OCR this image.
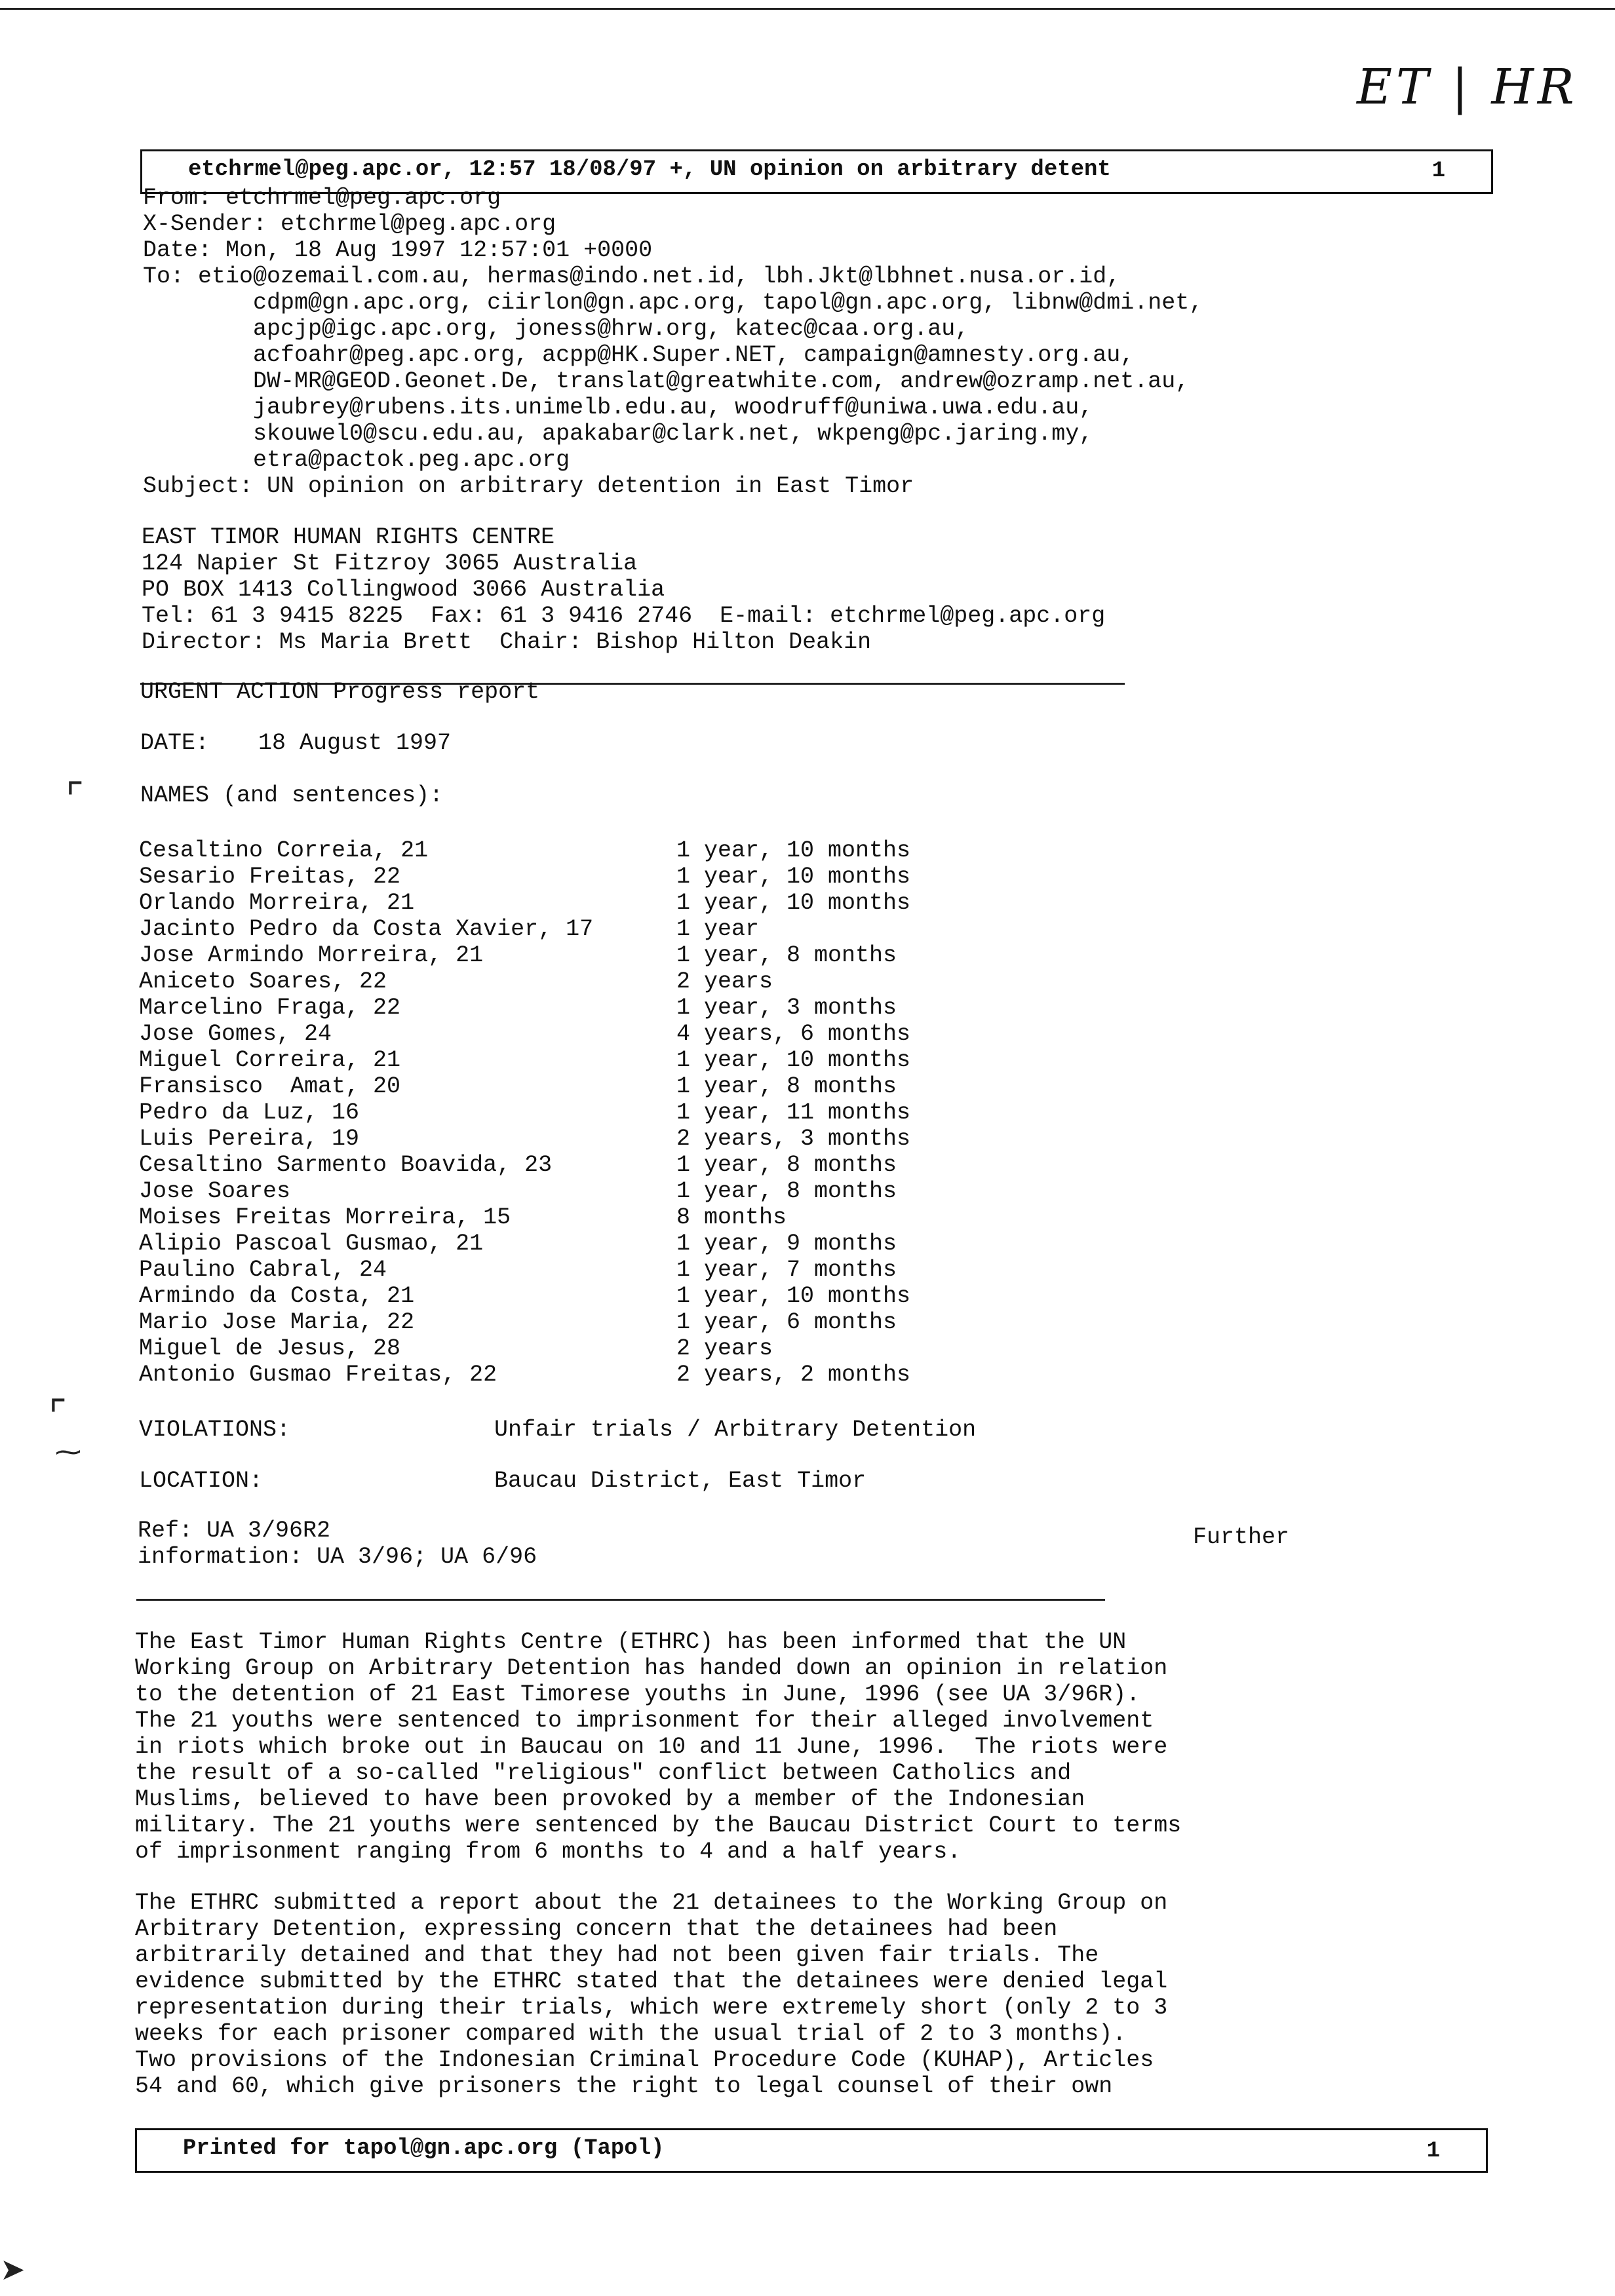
ET | HR
etchrmel@peg.apc.or, 12:57 18/08/97 +, UN opinion on arbitrary detent	1
From: etchrmel@peg.apc.org
X-Sender: etchrmel@peg.apc.org
Date: Mon, 18 Aug 1997 12:57:01 +0000
To: etio@ozemail.com.au, hermas@indo.net.id, lbh.Jkt@lbhnet.nusa.or.id,
cdpm@gn.apc.org, ciirlon@gn.apc.org, tapol@gn.apc.org, libnw@dmi.net,
apcjp@igc.apc.org, joness@hrw.org, katec@caa.org.au,
acfoahr@peg.apc.org, acpp@HK.Super.NET, campaign@amnesty.org.au,
DW-MR@GEOD.Geonet.De, translat@greatwhite.com, andrew@ozramp.net.au,
jaubrey@rubens.its.unimelb.edu.au, woodruff@uniwa.uwa.edu.au,
skouwel0@scu.edu.au, apakabar@clark.net, wkpeng@pc.jaring.my,
etra@pactok.peg.apc.org
Subject: UN opinion on arbitrary detention in East Timor
EAST TIMOR HUMAN RIGHTS CENTRE
124 Napier St Fitzroy 3065 Australia
PO BOX 1413 Collingwood 3066 Australia
Tel: 61 3 9415 8225  Fax: 61 3 9416 2746  E-mail: etchrmel@peg.apc.org
Director: Ms Maria Brett  Chair: Bishop Hilton Deakin
URGENT ACTION Progress report
DATE: 18 August 1997
⌜ NAMES (and sentences):
Cesaltino Correia, 21	1 year, 10 months
Sesario Freitas, 22	1 year, 10 months
Orlando Morreira, 21	1 year, 10 months
Jacinto Pedro da Costa Xavier, 17	1 year
Jose Armindo Morreira, 21	1 year, 8 months
Aniceto Soares, 22	2 years
Marcelino Fraga, 22	1 year, 3 months
Jose Gomes, 24	4 years, 6 months
Miguel Correira, 21	1 year, 10 months
Fransisco  Amat, 20	1 year, 8 months
Pedro da Luz, 16	1 year, 11 months
Luis Pereira, 19	2 years, 3 months
Cesaltino Sarmento Boavida, 23	1 year, 8 months
Jose Soares	1 year, 8 months
Moises Freitas Morreira, 15	8 months
Alipio Pascoal Gusmao, 21	1 year, 9 months
Paulino Cabral, 24	1 year, 7 months
Armindo da Costa, 21	1 year, 10 months
Mario Jose Maria, 22	1 year, 6 months
Miguel de Jesus, 28	2 years
Antonio Gusmao Freitas, 22	2 years, 2 months
⌜
⁓
VIOLATIONS:	Unfair trials / Arbitrary Detention
LOCATION:	Baucau District, East Timor
Ref: UA 3/96R2	Further
information: UA 3/96; UA 6/96
The East Timor Human Rights Centre (ETHRC) has been informed that the UN
Working Group on Arbitrary Detention has handed down an opinion in relation
to the detention of 21 East Timorese youths in June, 1996 (see UA 3/96R).
The 21 youths were sentenced to imprisonment for their alleged involvement
in riots which broke out in Baucau on 10 and 11 June, 1996.  The riots were
the result of a so-called "religious" conflict between Catholics and
Muslims, believed to have been provoked by a member of the Indonesian
military. The 21 youths were sentenced by the Baucau District Court to terms
of imprisonment ranging from 6 months to 4 and a half years.
The ETHRC submitted a report about the 21 detainees to the Working Group on
Arbitrary Detention, expressing concern that the detainees had been
arbitrarily detained and that they had not been given fair trials. The
evidence submitted by the ETHRC stated that the detainees were denied legal
representation during their trials, which were extremely short (only 2 to 3
weeks for each prisoner compared with the usual trial of 2 to 3 months).
Two provisions of the Indonesian Criminal Procedure Code (KUHAP), Articles
54 and 60, which give prisoners the right to legal counsel of their own
Printed for tapol@gn.apc.org (Tapol)	1
➤
